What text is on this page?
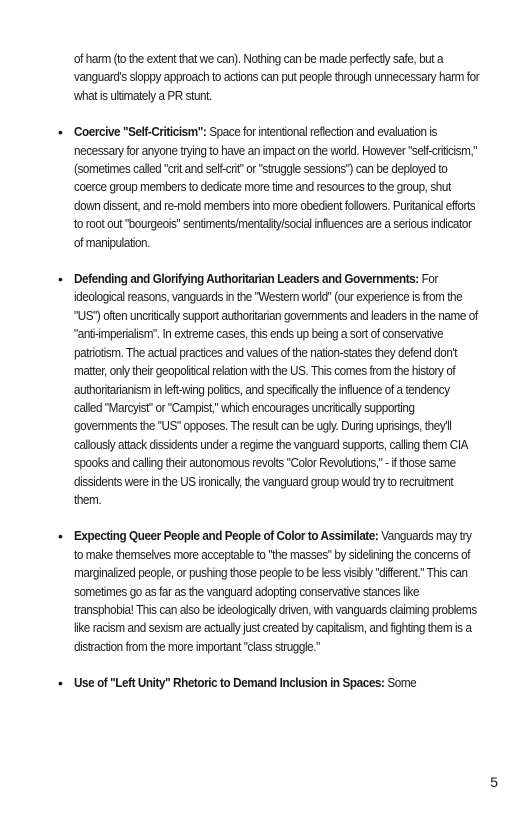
of harm (to the extent that we can). Nothing can be made perfectly safe, but a vanguard's sloppy approach to actions can put people through unnecessary harm for what is ultimately a PR stunt.
• Coercive "Self-Criticism": Space for intentional reflection and evaluation is necessary for anyone trying to have an impact on the world. However "self-criticism," (sometimes called "crit and self-crit" or "struggle sessions") can be deployed to coerce group members to dedicate more time and resources to the group, shut down dissent, and re-mold members into more obedient followers. Puritanical efforts to root out "bourgeois" sentiments/mentality/social influences are a serious indicator of manipulation.
• Defending and Glorifying Authoritarian Leaders and Governments: For ideological reasons, vanguards in the "Western world" (our experience is from the "US") often uncritically support authoritarian governments and leaders in the name of "anti-imperialism". In extreme cases, this ends up being a sort of conservative patriotism. The actual practices and values of the nation-states they defend don't matter, only their geopolitical relation with the US. This comes from the history of authoritarianism in left-wing politics, and specifically the influence of a tendency called "Marcyist" or "Campist," which encourages uncritically supporting governments the "US" opposes. The result can be ugly. During uprisings, they'll callously attack dissidents under a regime the vanguard supports, calling them CIA spooks and calling their autonomous revolts "Color Revolutions," - if those same dissidents were in the US ironically, the vanguard group would try to recruitment them.
• Expecting Queer People and People of Color to Assimilate: Vanguards may try to make themselves more acceptable to "the masses" by sidelining the concerns of marginalized people, or pushing those people to be less visibly "different." This can sometimes go as far as the vanguard adopting conservative stances like transphobia! This can also be ideologically driven, with vanguards claiming problems like racism and sexism are actually just created by capitalism, and fighting them is a distraction from the more important "class struggle."
• Use of "Left Unity" Rhetoric to Demand Inclusion in Spaces: Some
5
